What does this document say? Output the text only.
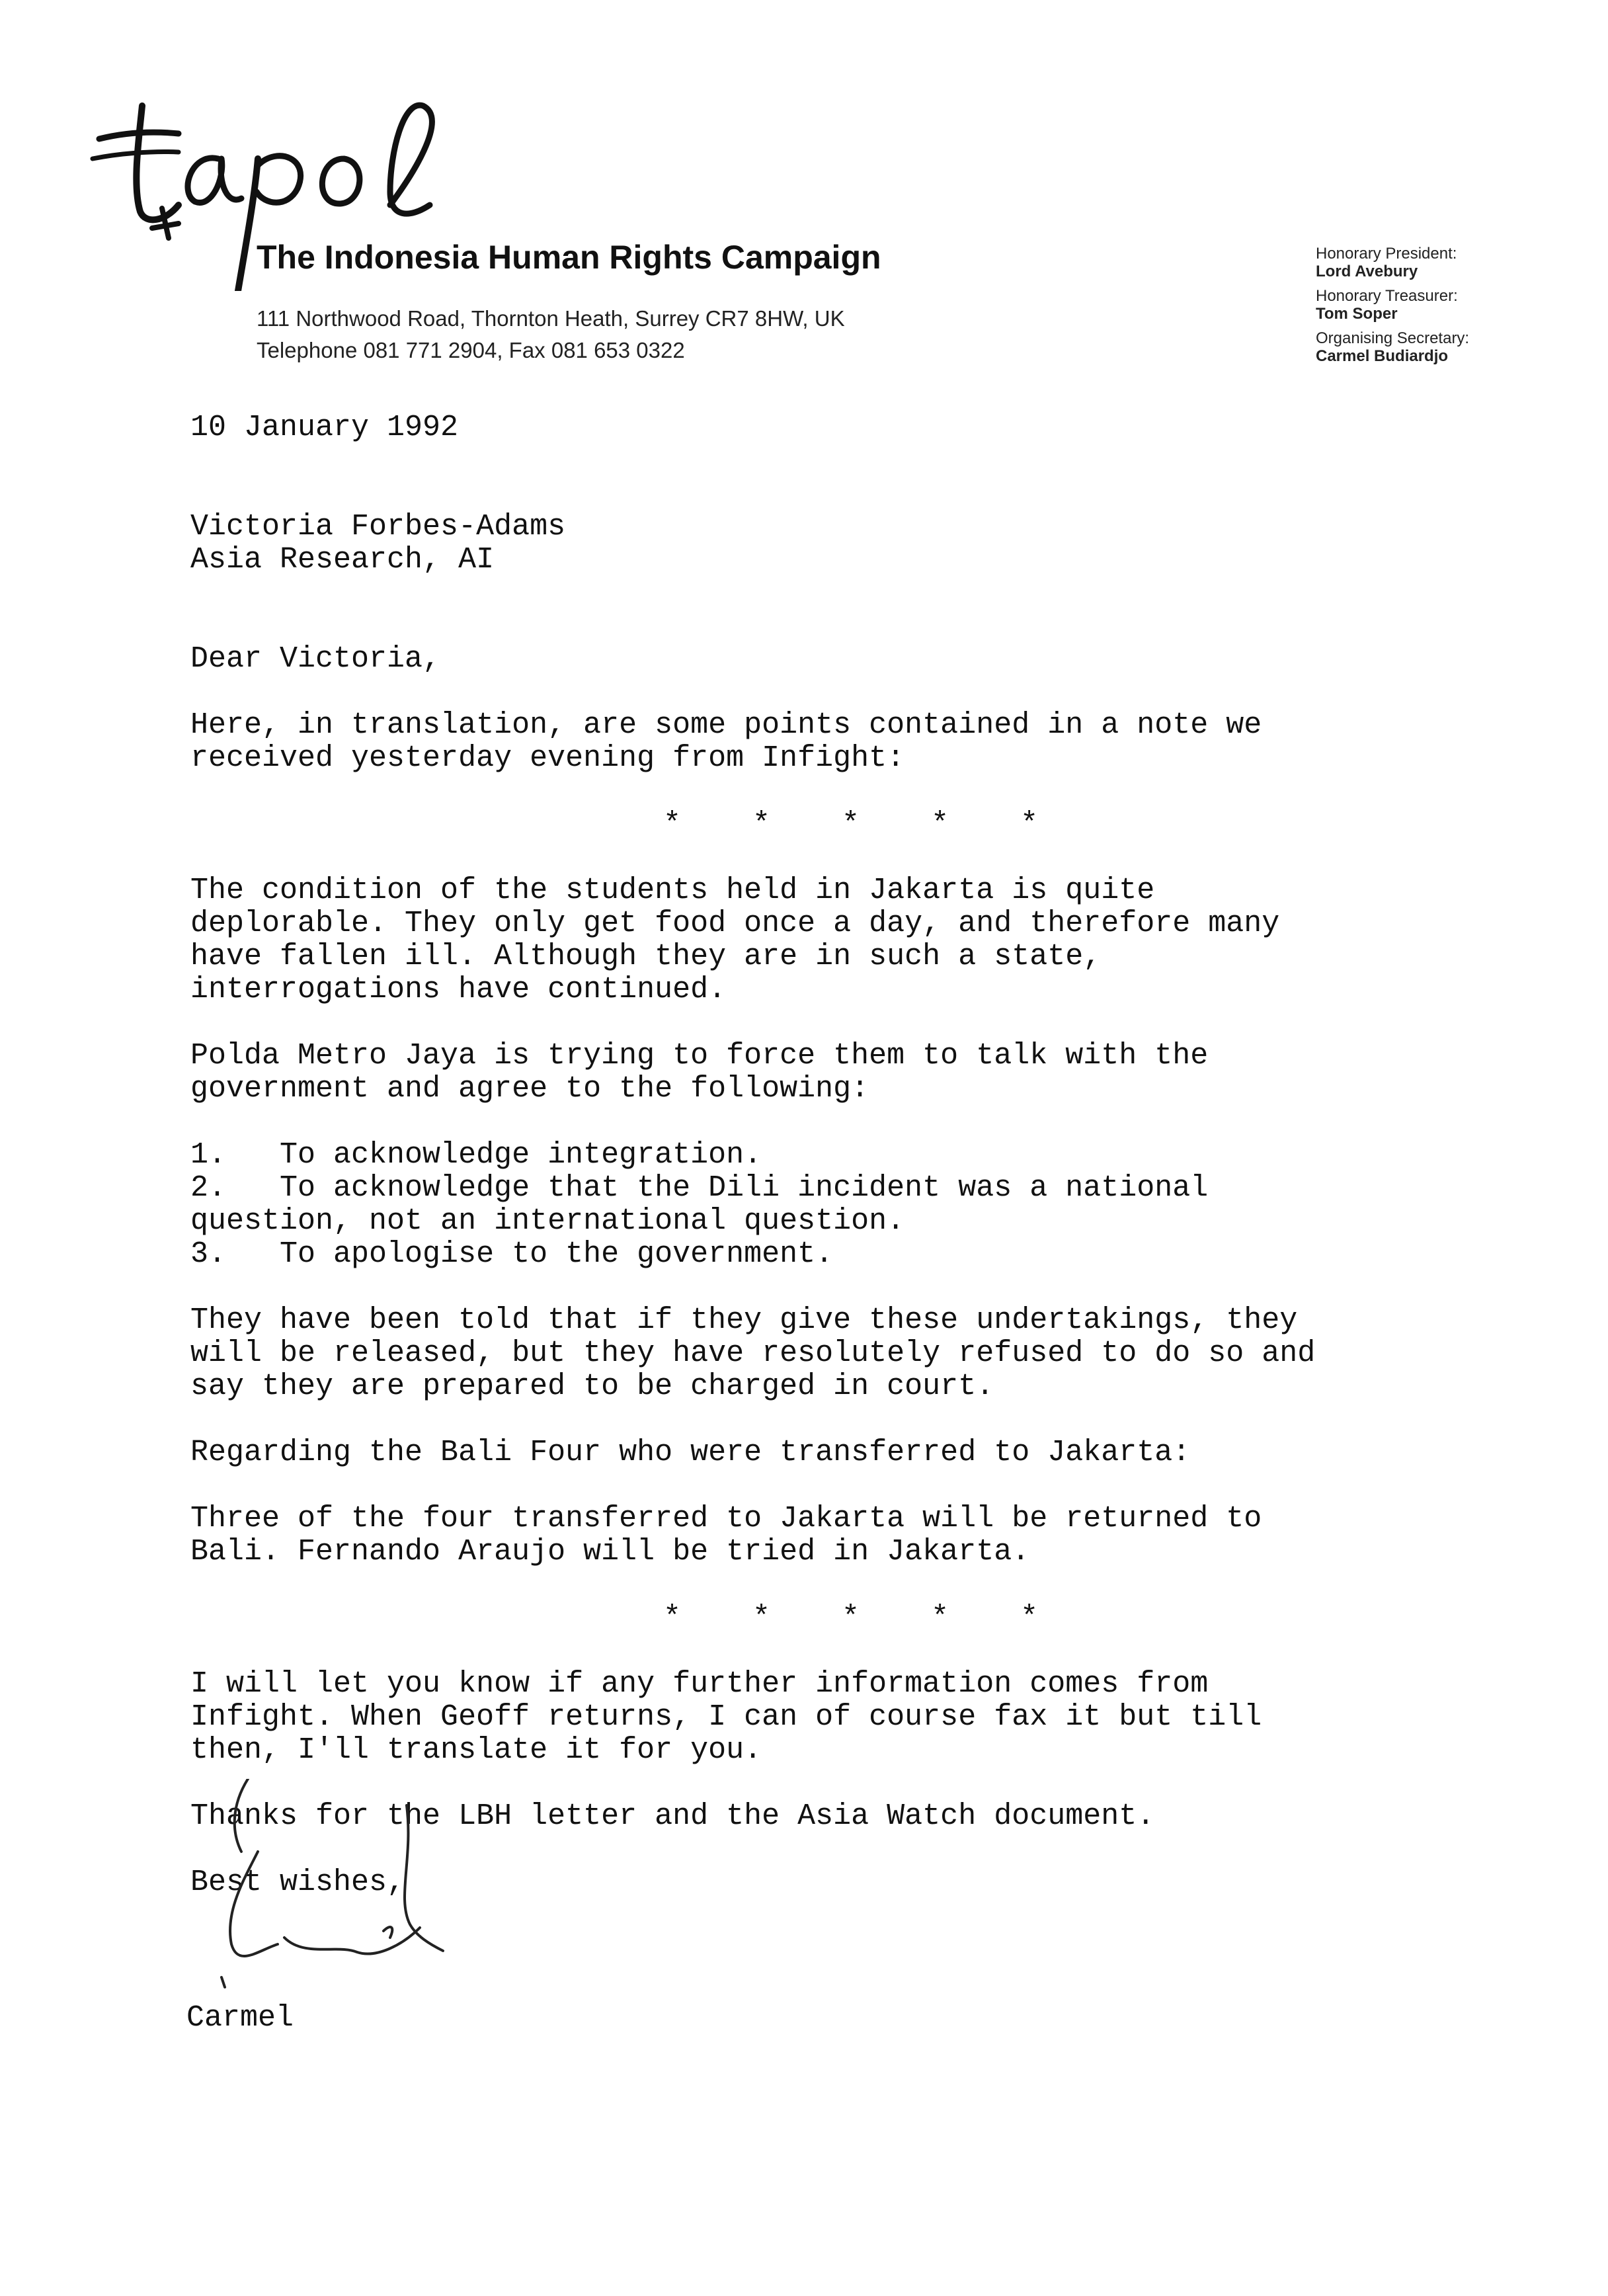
The Indonesia Human Rights Campaign
111 Northwood Road, Thornton Heath, Surrey CR7 8HW, UK
Telephone 081 771 2904, Fax 081 653 0322
Honorary President:
Lord Avebury
Honorary Treasurer:
Tom Soper
Organising Secretary:
Carmel Budiardjo

10 January 1992

Victoria Forbes-Adams

Asia Research, AI

Dear Victoria,

Here, in translation, are some points contained in a note we

received yesterday evening from Infight:

*    *    *    *    *

The condition of the students held in Jakarta is quite

deplorable. They only get food once a day, and therefore many

have fallen ill. Although they are in such a state,

interrogations have continued.

Polda Metro Jaya is trying to force them to talk with the

government and agree to the following:

1.   To acknowledge integration.

2.   To acknowledge that the Dili incident was a national

question, not an international question.

3.   To apologise to the government.

They have been told that if they give these undertakings, they

will be released, but they have resolutely refused to do so and

say they are prepared to be charged in court.

Regarding the Bali Four who were transferred to Jakarta:

Three of the four transferred to Jakarta will be returned to

Bali. Fernando Araujo will be tried in Jakarta.

*    *    *    *    *

I will let you know if any further information comes from

Infight. When Geoff returns, I can of course fax it but till

then, I'll translate it for you.

Thanks for the LBH letter and the Asia Watch document.

Best wishes,

Carmel
